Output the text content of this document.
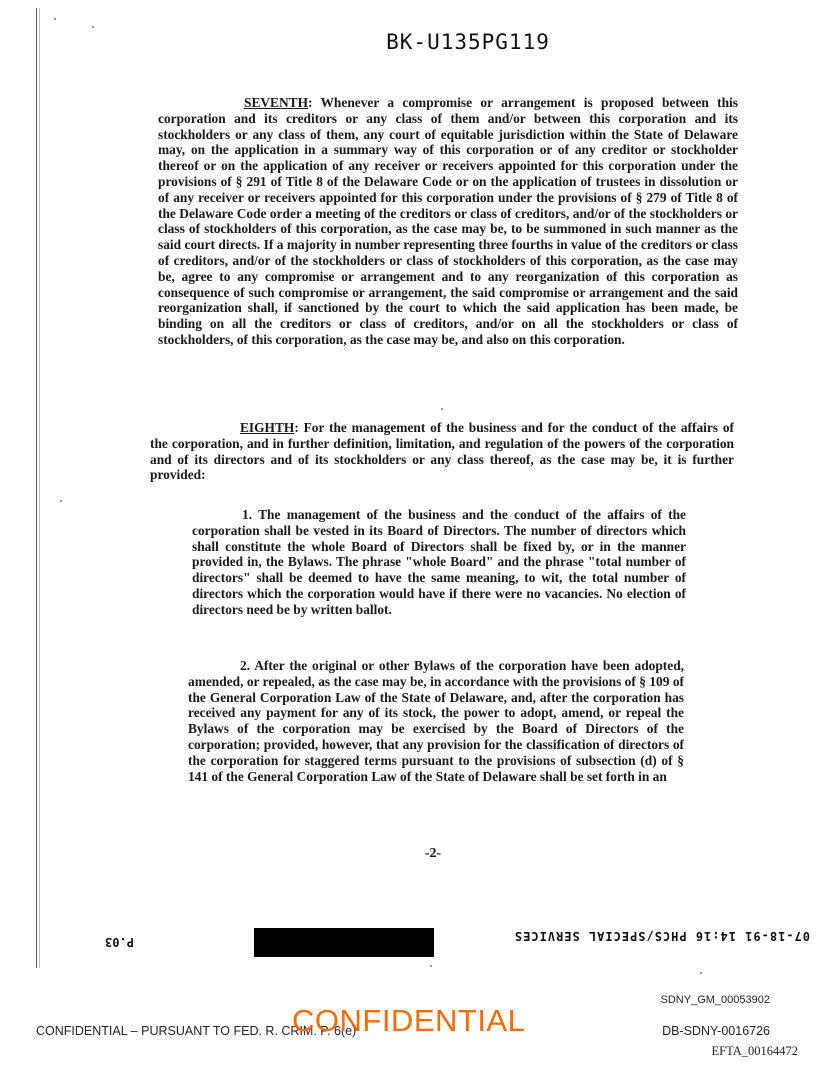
BK-U135PG119
SEVENTH: Whenever a compromise or arrangement is proposed between this corporation and its creditors or any class of them and/or between this corporation and its stockholders or any class of them, any court of equitable jurisdiction within the State of Delaware may, on the application in a summary way of this corporation or of any creditor or stockholder thereof or on the application of any receiver or receivers appointed for this corporation under the provisions of § 291 of Title 8 of the Delaware Code or on the application of trustees in dissolution or of any receiver or receivers appointed for this corporation under the provisions of § 279 of Title 8 of the Delaware Code order a meeting of the creditors or class of creditors, and/or of the stockholders or class of stockholders of this corporation, as the case may be, to be summoned in such manner as the said court directs. If a majority in number representing three fourths in value of the creditors or class of creditors, and/or of the stockholders or class of stockholders of this corporation, as the case may be, agree to any compromise or arrangement and to any reorganization of this corporation as consequence of such compromise or arrangement, the said compromise or arrangement and the said reorganization shall, if sanctioned by the court to which the said application has been made, be binding on all the creditors or class of creditors, and/or on all the stockholders or class of stockholders, of this corporation, as the case may be, and also on this corporation.
EIGHTH: For the management of the business and for the conduct of the affairs of the corporation, and in further definition, limitation, and regulation of the powers of the corporation and of its directors and of its stockholders or any class thereof, as the case may be, it is further provided:
1. The management of the business and the conduct of the affairs of the corporation shall be vested in its Board of Directors. The number of directors which shall constitute the whole Board of Directors shall be fixed by, or in the manner provided in, the Bylaws. The phrase "whole Board" and the phrase "total number of directors" shall be deemed to have the same meaning, to wit, the total number of directors which the corporation would have if there were no vacancies. No election of directors need be by written ballot.
2. After the original or other Bylaws of the corporation have been adopted, amended, or repealed, as the case may be, in accordance with the provisions of § 109 of the General Corporation Law of the State of Delaware, and, after the corporation has received any payment for any of its stock, the power to adopt, amend, or repeal the Bylaws of the corporation may be exercised by the Board of Directors of the corporation; provided, however, that any provision for the classification of directors of the corporation for staggered terms pursuant to the provisions of subsection (d) of § 141 of the General Corporation Law of the State of Delaware shall be set forth in an
-2-
P.03	07-18-91 14:16 PHCS/SPECIAL SERVICES
SDNY_GM_00053902
CONFIDENTIAL – PURSUANT TO FED. R. CRIM. P. 6(e)
CONFIDENTIAL	DB-SDNY-0016726
EFTA_00164472
